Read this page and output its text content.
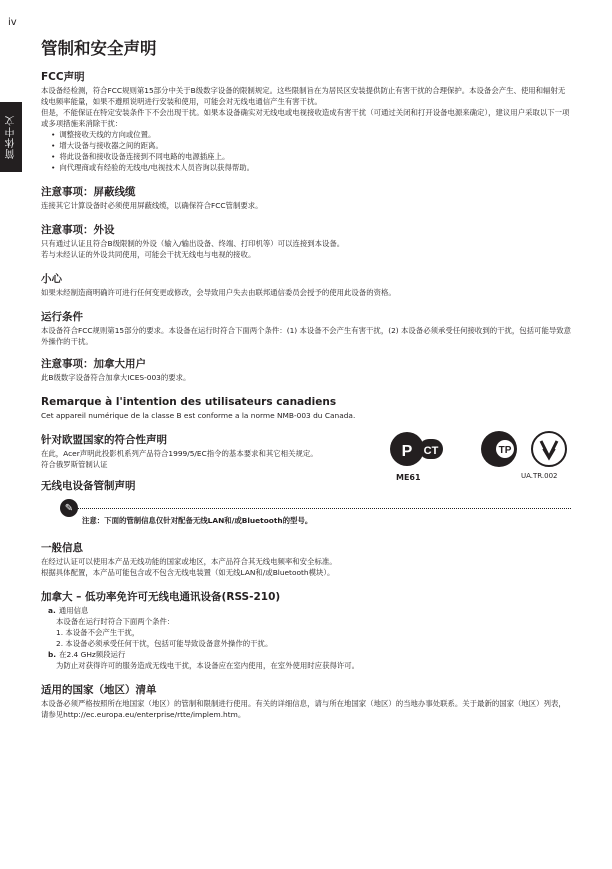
iv
简体中文
管制和安全声明
FCC声明

本设备经检测，符合FCC规则第15部分中关于B级数字设备的限制规定。这些限制旨在为居民区安装提供防止有害干扰的合理保护。本设备会产生、使用和辐射无线电频率能量，如果不遵照说明进行安装和使用，可能会对无线电通信产生有害干扰。

但是，不能保证在特定安装条件下不会出现干扰。如果本设备确实对无线电或电视接收造成有害干扰（可通过关闭和打开设备电源来确定），建议用户采取以下一项或多项措施来消除干扰：

• 调整接收天线的方向或位置。
• 增大设备与接收器之间的距离。
• 将此设备和接收设备连接到不同电路的电源插座上。
• 向代理商或有经验的无线电/电视技术人员咨询以获得帮助。
注意事项：屏蔽线缆

连接其它计算设备时必须使用屏蔽线缆，以确保符合FCC管制要求。

注意事项：外设

只有通过认证且符合B级限制的外设（输入/输出设备、终端、打印机等）可以连接到本设备。

若与未经认证的外设共同使用，可能会干扰无线电与电视的接收。

小心

如果未经制造商明确许可进行任何变更或修改，会导致用户失去由联邦通信委员会授予的使用此设备的资格。

运行条件

本设备符合FCC规则第15部分的要求。本设备在运行时符合下面两个条件：(1) 本设备不会产生有害干扰，(2) 本设备必须承受任何接收到的干扰，包括可能导致意外操作的干扰。

注意事项：加拿大用户

此B级数字设备符合加拿大ICES-003的要求。

Remarque à l'intention des utilisateurs canadiens

Cet appareil numérique de la classe B est conforme a la norme NMB-003 du Canada.

针对欧盟国家的符合性声明

在此，Acer声明此投影机系列产品符合1999/5/EC指令的基本要求和其它相关规定。

符合俄罗斯管制认证

P CT
ME61
TP
UA.TR.002
无线电设备管制声明
✎
注意：下面的管制信息仅针对配备无线LAN和/或Bluetooth的型号。
一般信息

在经过认证可以使用本产品无线功能的国家或地区，本产品符合其无线电频率和安全标准。

根据具体配置，本产品可能包含或不包含无线电装置（如无线LAN和/或Bluetooth模块）。

加拿大 – 低功率免许可无线电通讯设备(RSS-210)

a. 通用信息

本设备在运行时符合下面两个条件：

1. 本设备不会产生干扰，

2. 本设备必须承受任何干扰，包括可能导致设备意外操作的干扰。

b. 在2.4 GHz频段运行

为防止对获得许可的服务造成无线电干扰，本设备应在室内使用，在室外使用时应获得许可。

适用的国家（地区）清单

本设备必须严格按照所在地国家（地区）的管制和限制进行使用。有关的详细信息，请与所在地国家（地区）的当地办事处联系。关于最新的国家（地区）列表，请参见http://ec.europa.eu/enterprise/rtte/implem.htm。
